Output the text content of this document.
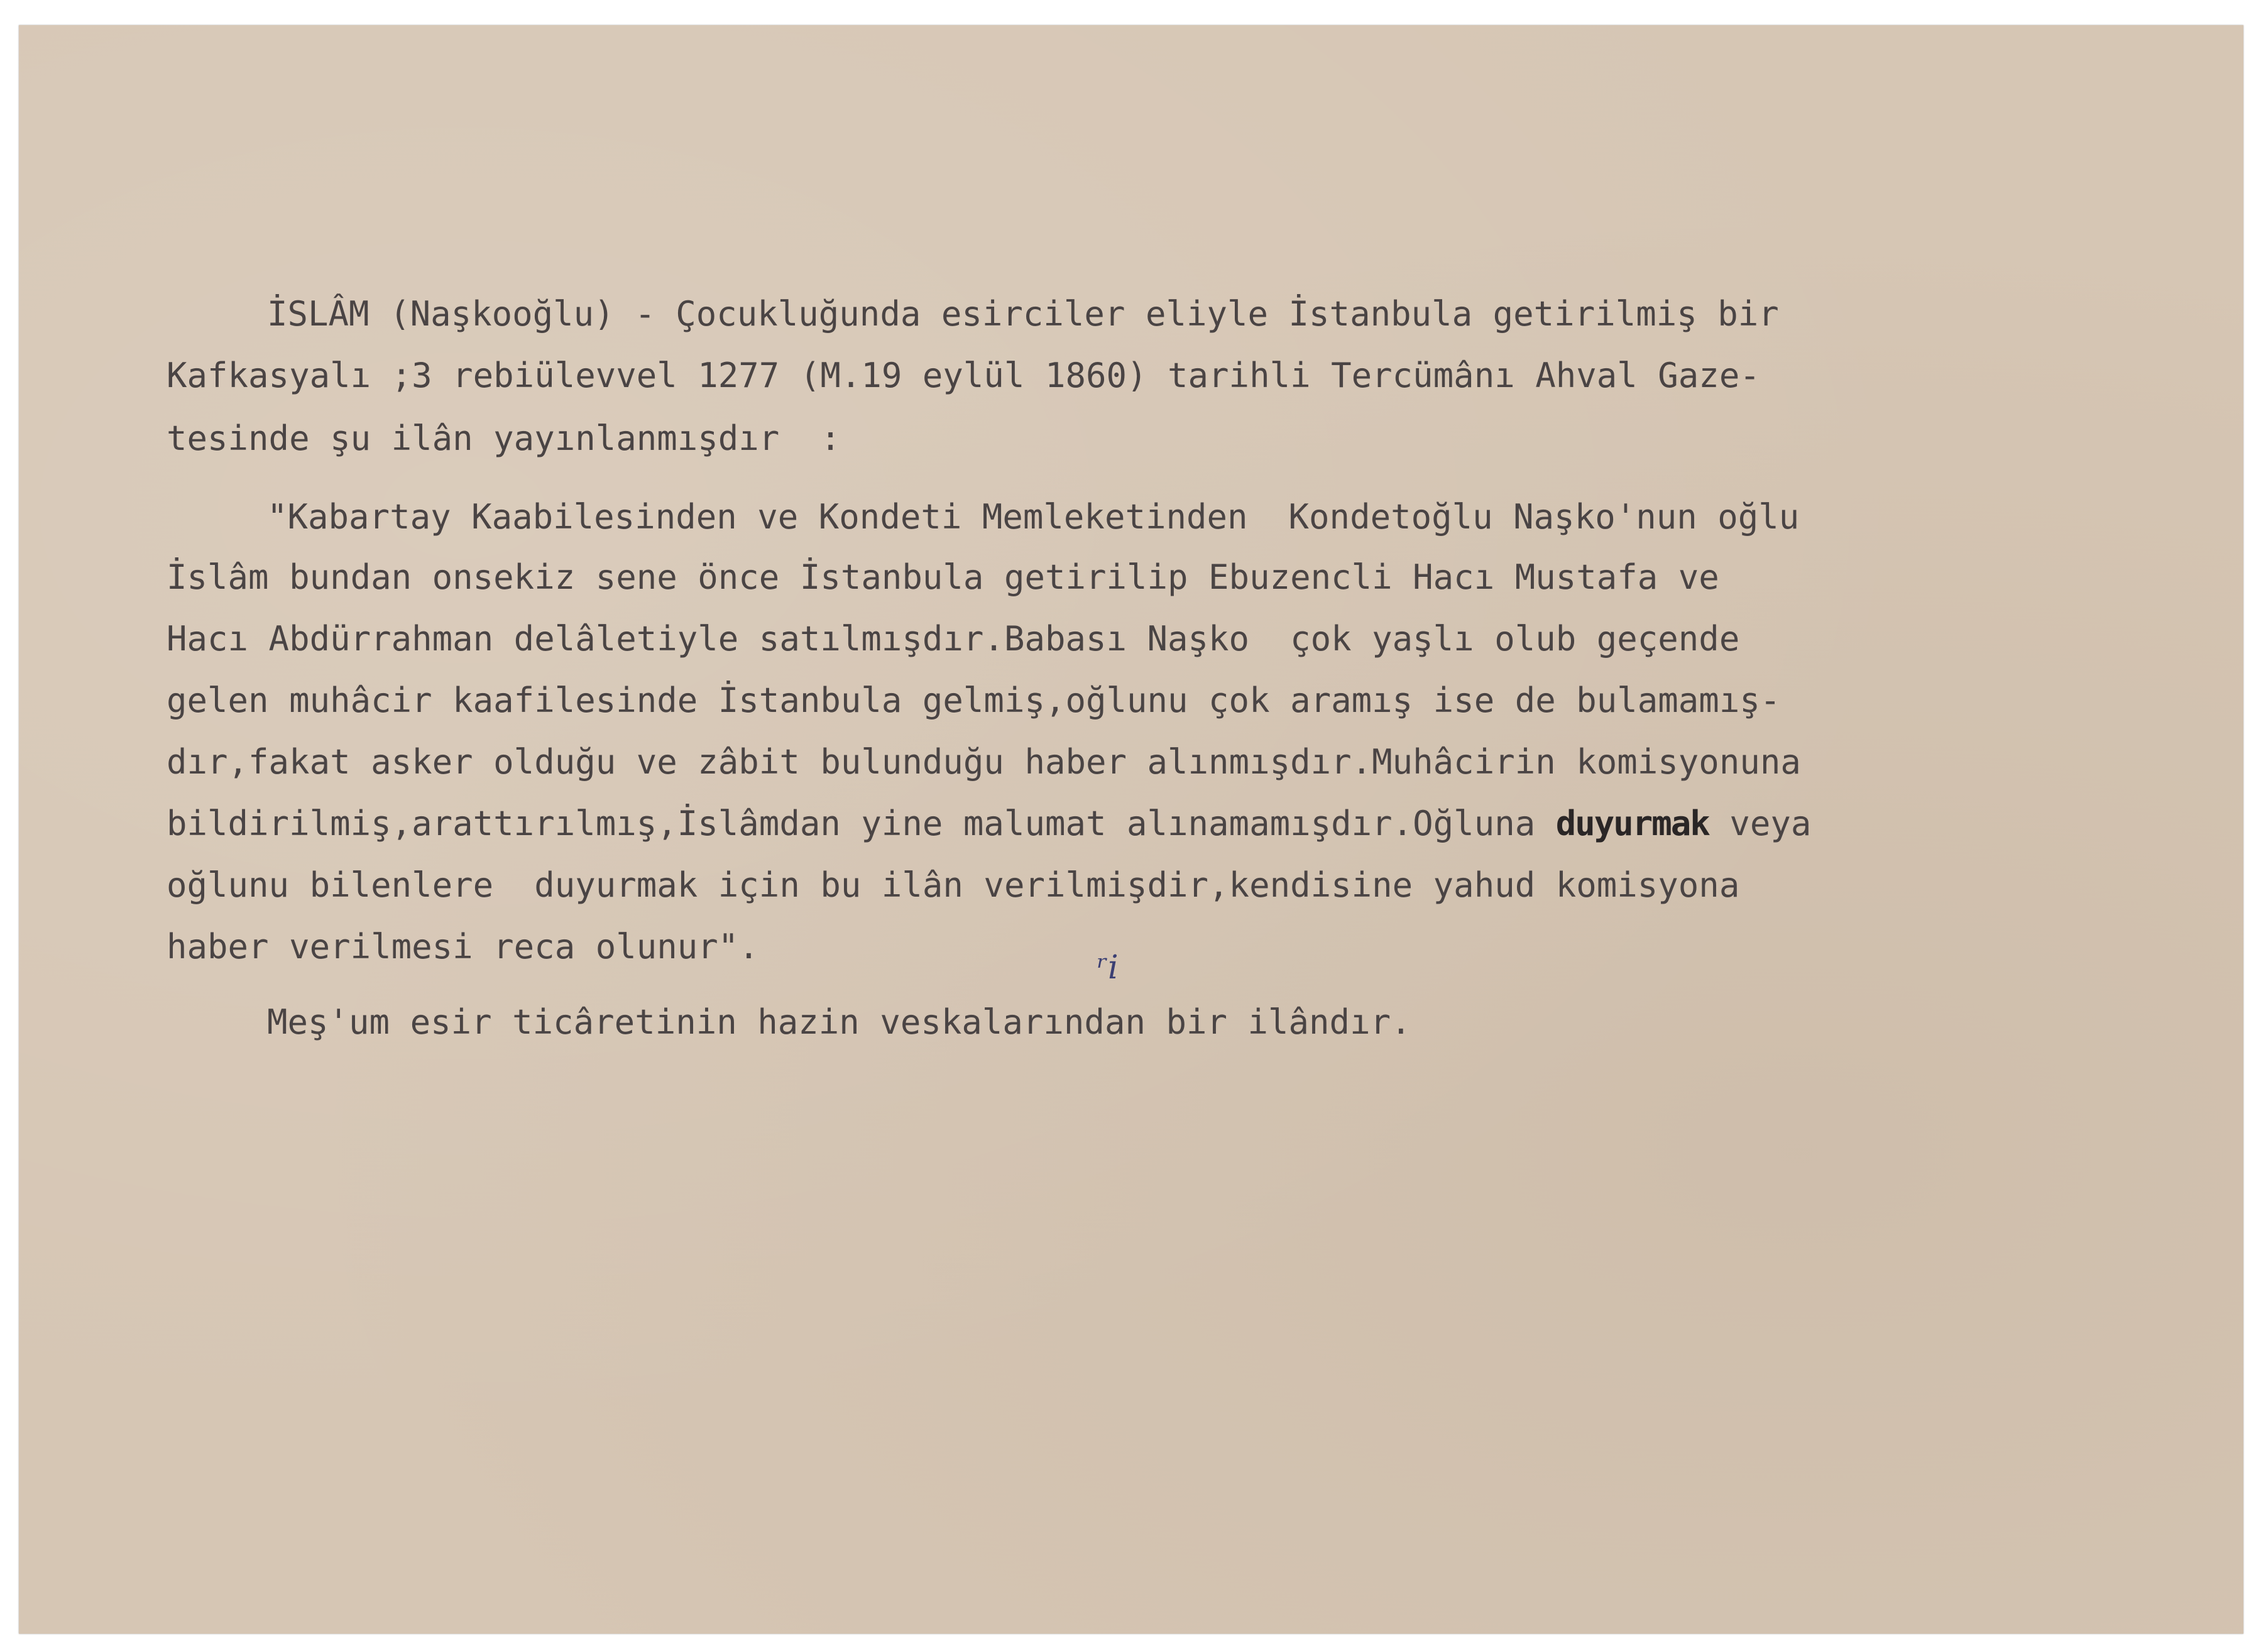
İSLÂM (Naşkooğlu) - Çocukluğunda esirciler eliyle İstanbula getirilmiş bir
Kafkasyalı ;3 rebiülevvel 1277 (M.19 eylül 1860) tarihli Tercümânı Ahval Gaze-
tesinde şu ilân yayınlanmışdır  :
"Kabartay Kaabilesinden ve Kondeti Memleketinden  Kondetoğlu Naşko'nun oğlu
İslâm bundan onsekiz sene önce İstanbula getirilip Ebuzencli Hacı Mustafa ve
Hacı Abdürrahman delâletiyle satılmışdır.Babası Naşko  çok yaşlı olub geçende
gelen muhâcir kaafilesinde İstanbula gelmiş,oğlunu çok aramış ise de bulamamış-
dır,fakat asker olduğu ve zâbit bulunduğu haber alınmışdır.Muhâcirin komisyonuna
bildirilmiş,arattırılmış,İslâmdan yine malumat alınamamışdır.Oğluna duyurmak veya
oğlunu bilenlere  duyurmak için bu ilân verilmişdir,kendisine yahud komisyona
haber verilmesi reca olunur".
ʳi
Meş'um esir ticâretinin hazin veskalarından bir ilândır.
